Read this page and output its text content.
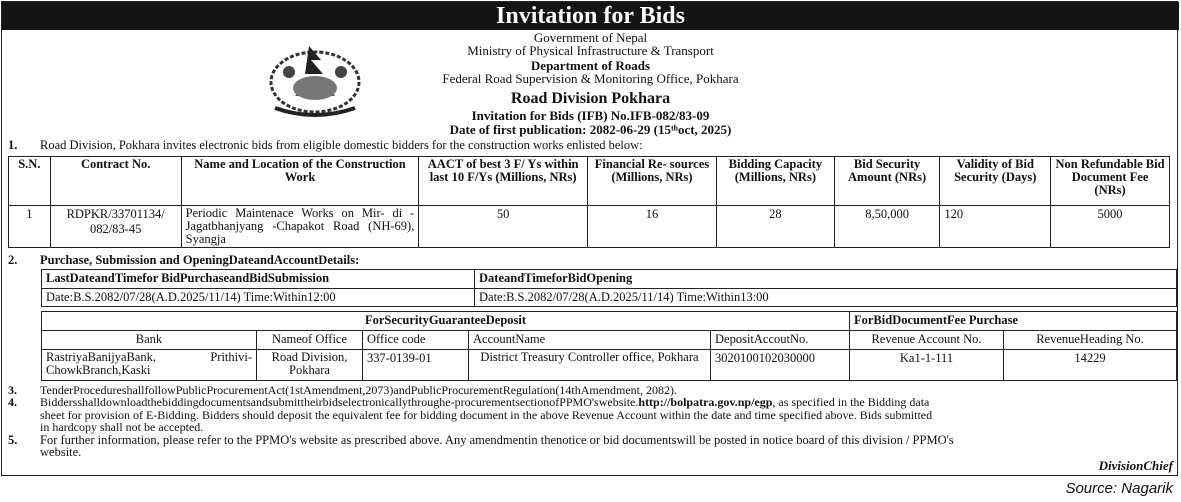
Invitation for Bids
Government of Nepal
Ministry of Physical Infrastructure & Transport
Department of Roads
Federal Road Supervision & Monitoring Office, Pokhara
Road Division Pokhara
Invitation for Bids (IFB) No.IFB-082/83-09
Date of first publication: 2082-06-29 (15ᵗʰoct, 2025)
1. Road Division, Pokhara invites electronic bids from eligible domestic bidders for the construction works enlisted below:
S.N.	Contract No.	Name and Location of the Construction Work	AACT of best 3 F/ Ys within last 10 F/Ys (Millions, NRs)	Financial Re- sources (Millions, NRs)	Bidding Capacity (Millions, NRs)	Bid Security Amount (NRs)	Validity of Bid Security (Days)	Non Refundable Bid Document Fee (NRs)
1	RDPKR/33701134/ 082/83-45	Periodic Maintenace Works on Mir- di - Jagatbhanjyang -Chapakot Road (NH-69), Syangja	50	16	28	8,50,000	120	5000
2. Purchase, Submission and OpeningDateandAccountDetails:
LastDateandTimefor BidPurchaseandBidSubmission	DateandTimeforBidOpening
Date:B.S.2082/07/28(A.D.2025/11/14) Time:Within12:00	Date:B.S.2082/07/28(A.D.2025/11/14) Time:Within13:00
ForSecurityGuaranteeDeposit					ForBidDocumentFee Purchase	
Bank	Nameof Office	Office code	AccountName	DepositAccoutNo.	Revenue Account No.	RevenueHeading No.
RastriyaBanijyaBank, Prithivi- ChowkBranch,Kaski	Road Division, Pokhara	337-0139-01	District Treasury Controller office, Pokhara	3020100102030000	Ka1-1-111	14229
3. TenderProcedureshallfollowPublicProcurementAct(1stAmendment,2073)andPublicProcurementRegulation(14thAmendment, 2082).
4. Biddersshalldownloadthebiddingdocumentsandsubmittheirbidselectronicallythroughe-procurementsectionofPPMO'swebsite.http://bolpatra.gov.np/egp, as specified in the Bidding data
sheet for provision of E-Bidding. Bidders should deposit the equivalent fee for bidding document in the above Revenue Account within the date and time specified above. Bids submitted
in hardcopy shall not be accepted.
5. For further information, please refer to the PPMO's website as prescribed above. Any amendmentin thenotice or bid documentswill be posted in notice board of this division / PPMO's
website.
DivisionChief
Source: Nagarik
